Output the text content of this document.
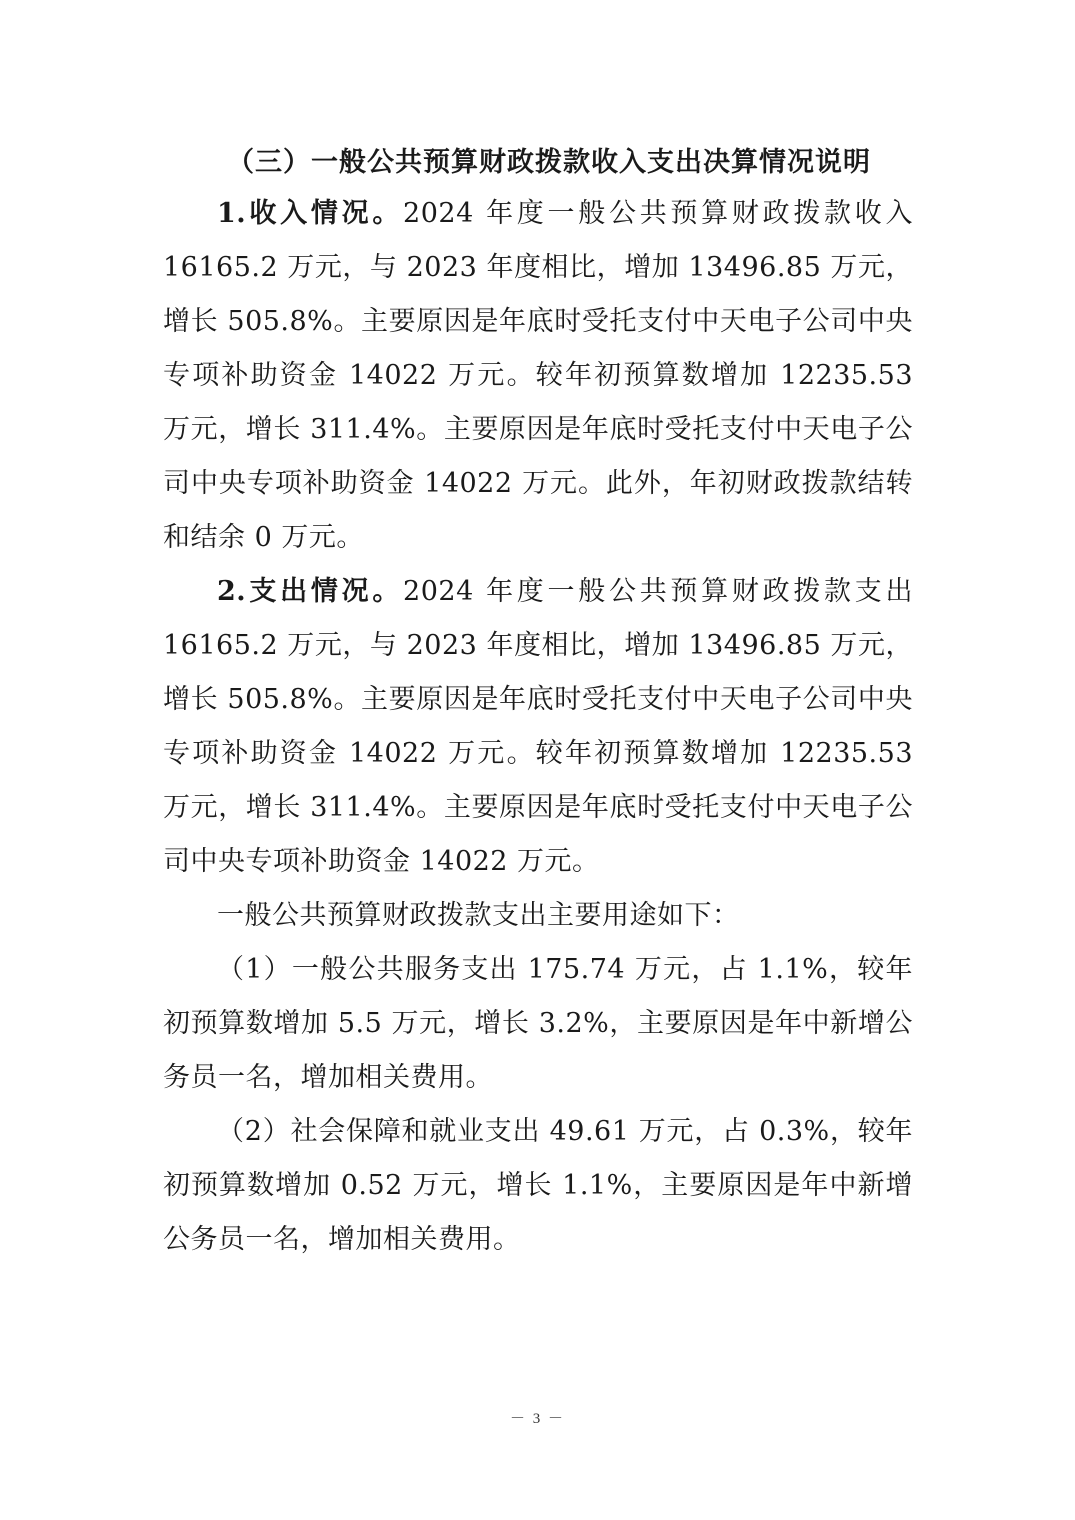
（三）一般公共预算财政拨款收入支出决算情况说明

1.收入情况。2024 年度一般公共预算财政拨款收入 16165.2 万元，与 2023 年度相比，增加 13496.85 万元，增长 505.8%。主要原因是年底时受托支付中天电子公司中央专项补助资金 14022 万元。较年初预算数增加 12235.53 万元，增长 311.4%。主要原因是年底时受托支付中天电子公司中央专项补助资金 14022 万元。此外，年初财政拨款结转和结余 0 万元。

2.支出情况。2024 年度一般公共预算财政拨款支出 16165.2 万元，与 2023 年度相比，增加 13496.85 万元，增长 505.8%。主要原因是年底时受托支付中天电子公司中央专项补助资金 14022 万元。较年初预算数增加 12235.53 万元，增长 311.4%。主要原因是年底时受托支付中天电子公司中央专项补助资金 14022 万元。

一般公共预算财政拨款支出主要用途如下：

（1）一般公共服务支出 175.74 万元，占 1.1%，较年初预算数增加 5.5 万元，增长 3.2%，主要原因是年中新增公务员一名，增加相关费用。

（2）社会保障和就业支出 49.61 万元，占 0.3%，较年初预算数增加 0.52 万元，增长 1.1%，主要原因是年中新增公务员一名，增加相关费用。

－ 3 －
